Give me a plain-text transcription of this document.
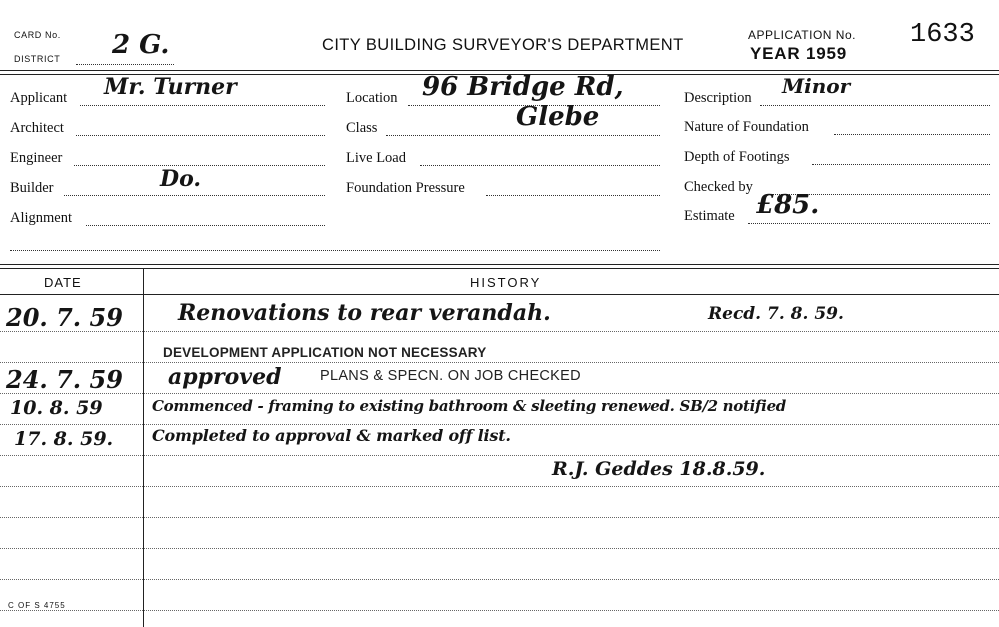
CARD No.
DISTRICT 2 G.	CITY BUILDING SURVEYOR'S DEPARTMENT
APPLICATION No.
YEAR 1959
1633
Applicant Mr. Turner
Architect
Engineer
Builder	Do.
Alignment
Location 96 Bridge Rd,
Glebe
Class
Live Load
Foundation Pressure
Description Minor
Nature of Foundation
Depth of Footings
Checked by
Estimate £85.
DATE	HISTORY
20. 7. 59	Renovations to rear verandah.	Recd. 7. 8. 59.
DEVELOPMENT APPLICATION NOT NECESSARY
24. 7. 59 approved	PLANS & SPECN. ON JOB CHECKED
10. 8. 59	Commenced - framing to existing bathroom & sleeting renewed. SB/2 notified
17. 8. 59. Completed to approval & marked off list.
R.J. Geddes 18.8.59.
C OF S 4755
